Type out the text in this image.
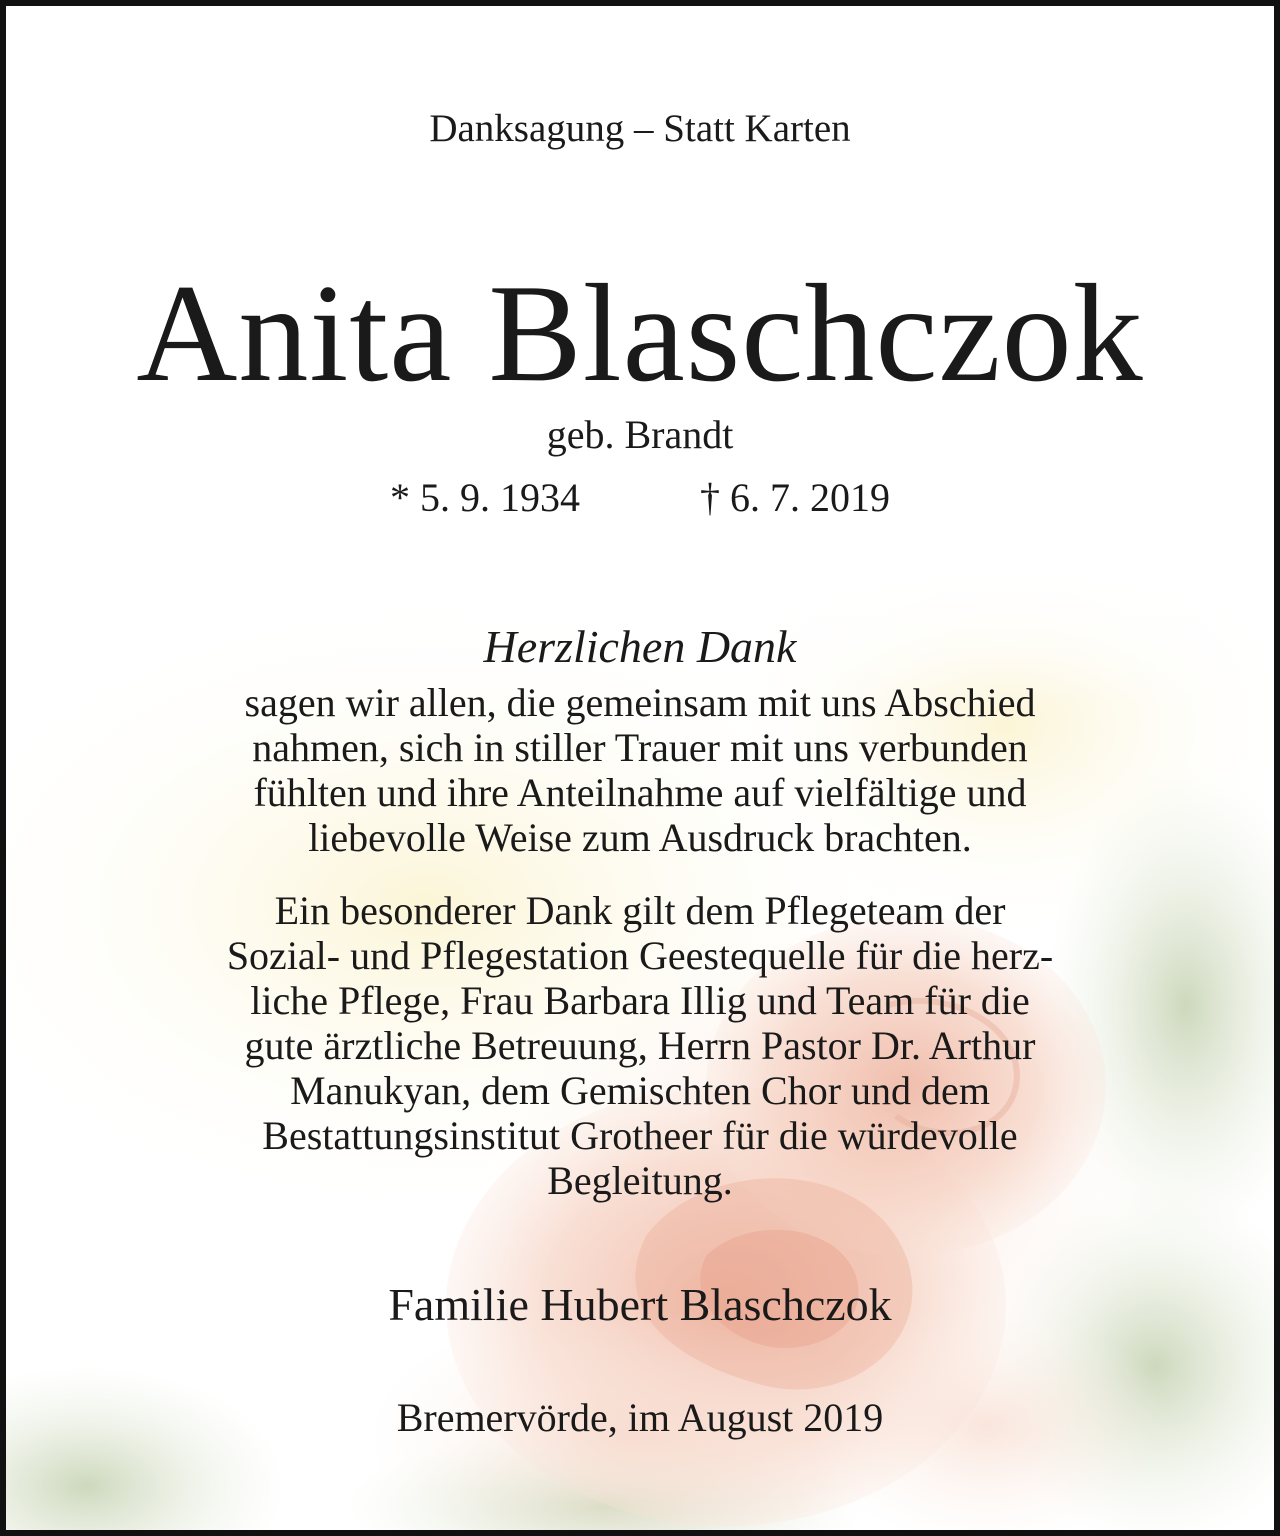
Danksagung – Statt Karten
Anita Blaschczok
geb. Brandt
* 5. 9. 1934	† 6. 7. 2019
Herzlichen Dank
sagen wir allen, die gemeinsam mit uns Abschied
nahmen, sich in stiller Trauer mit uns verbunden
fühlten und ihre Anteilnahme auf vielfältige und
liebevolle Weise zum Ausdruck brachten.
Ein besonderer Dank gilt dem Pflegeteam der
Sozial- und Pflegestation Geestequelle für die herz-
liche Pflege, Frau Barbara Illig und Team für die
gute ärztliche Betreuung, Herrn Pastor Dr. Arthur
Manukyan, dem Gemischten Chor und dem
Bestattungsinstitut Grotheer für die würdevolle
Begleitung.
Familie Hubert Blaschczok
Bremervörde, im August 2019
